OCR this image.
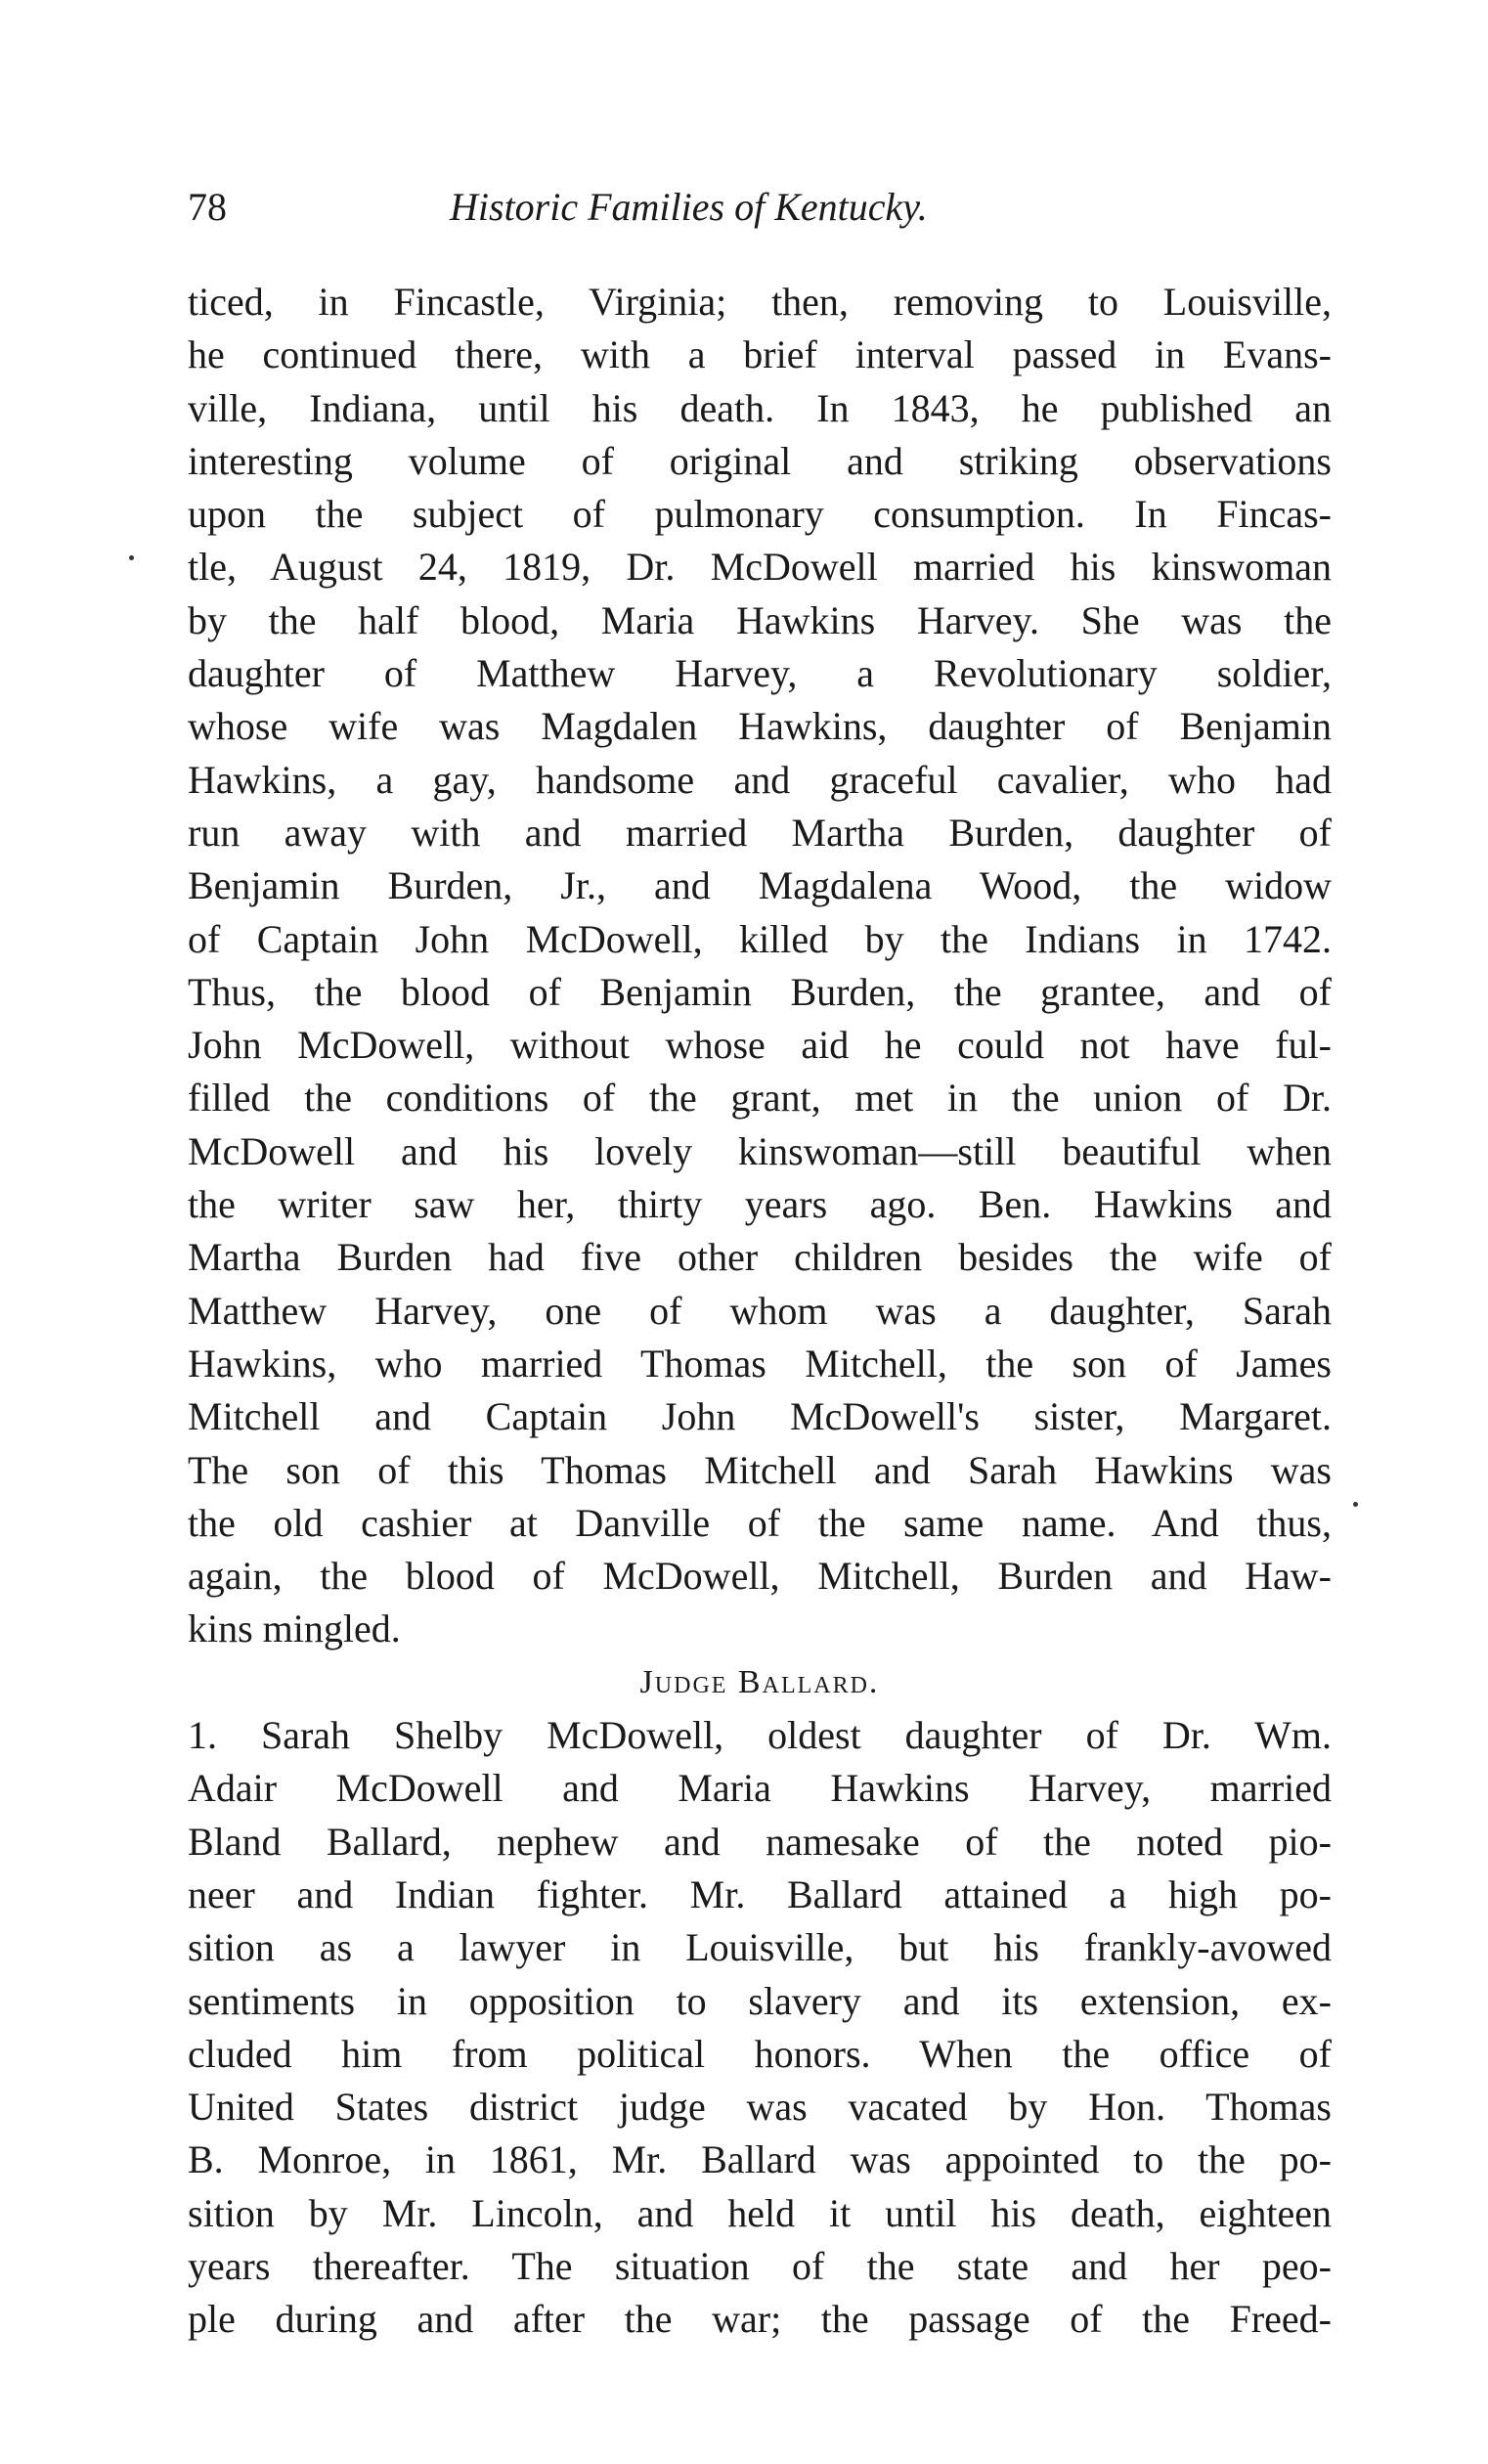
78	Historic Families of Kentucky.
ticed, in Fincastle, Virginia; then, removing to Louisville,
he continued there, with a brief interval passed in Evans-
ville, Indiana, until his death. In 1843, he published an
interesting volume of original and striking observations
upon the subject of pulmonary consumption. In Fincas-
tle, August 24, 1819, Dr. McDowell married his kinswoman
by the half blood, Maria Hawkins Harvey. She was the
daughter of Matthew Harvey, a Revolutionary soldier,
whose wife was Magdalen Hawkins, daughter of Benjamin
Hawkins, a gay, handsome and graceful cavalier, who had
run away with and married Martha Burden, daughter of
Benjamin Burden, Jr., and Magdalena Wood, the widow
of Captain John McDowell, killed by the Indians in 1742.
Thus, the blood of Benjamin Burden, the grantee, and of
John McDowell, without whose aid he could not have ful-
filled the conditions of the grant, met in the union of Dr.
McDowell and his lovely kinswoman—still beautiful when
the writer saw her, thirty years ago. Ben. Hawkins and
Martha Burden had five other children besides the wife of
Matthew Harvey, one of whom was a daughter, Sarah
Hawkins, who married Thomas Mitchell, the son of James
Mitchell and Captain John McDowell's sister, Margaret.
The son of this Thomas Mitchell and Sarah Hawkins was
the old cashier at Danville of the same name. And thus,
again, the blood of McDowell, Mitchell, Burden and Haw-
kins mingled.
Judge Ballard.
1. Sarah Shelby McDowell, oldest daughter of Dr. Wm.
Adair McDowell and Maria Hawkins Harvey, married
Bland Ballard, nephew and namesake of the noted pio-
neer and Indian fighter. Mr. Ballard attained a high po-
sition as a lawyer in Louisville, but his frankly-avowed
sentiments in opposition to slavery and its extension, ex-
cluded him from political honors. When the office of
United States district judge was vacated by Hon. Thomas
B. Monroe, in 1861, Mr. Ballard was appointed to the po-
sition by Mr. Lincoln, and held it until his death, eighteen
years thereafter. The situation of the state and her peo-
ple during and after the war; the passage of the Freed-
